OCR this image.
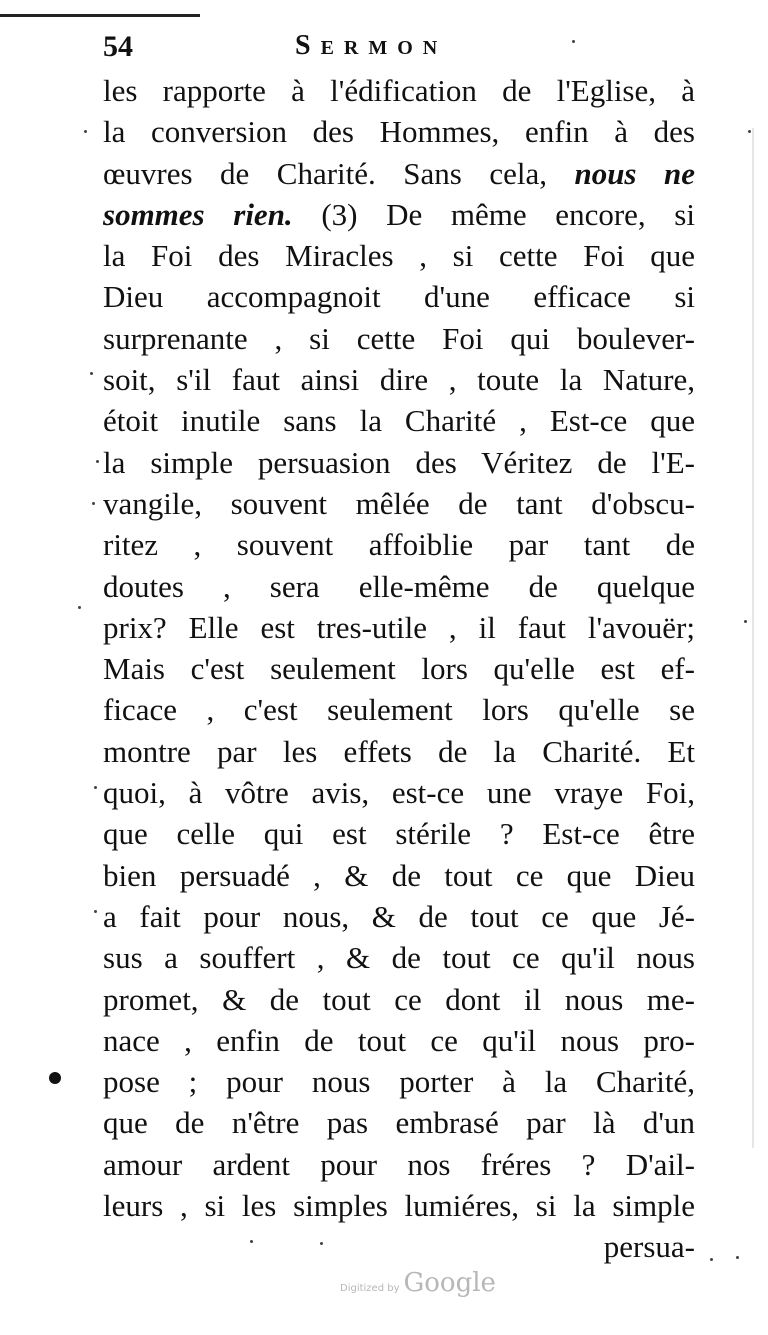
54	Sermon
les rapporte à l'édification de l'Eglise, à
la conversion des Hommes, enfin à des
œuvres de Charité. Sans cela, nous ne
sommes rien. (3) De même encore, si
la Foi des Miracles , si cette Foi que
Dieu accompagnoit d'une efficace si
surprenante , si cette Foi qui boulever-
soit, s'il faut ainsi dire , toute la Nature,
étoit inutile sans la Charité , Est-ce que
la simple persuasion des Véritez de l'E-
vangile, souvent mêlée de tant d'obscu-
ritez , souvent affoiblie par tant de
doutes , sera elle-même de quelque
prix? Elle est tres-utile , il faut l'avouër;
Mais c'est seulement lors qu'elle est ef-
ficace , c'est seulement lors qu'elle se
montre par les effets de la Charité. Et
quoi, à vôtre avis, est-ce une vraye Foi,
que celle qui est stérile ? Est-ce être
bien persuadé , & de tout ce que Dieu
a fait pour nous, & de tout ce que Jé-
sus a souffert , & de tout ce qu'il nous
promet, & de tout ce dont il nous me-
nace , enfin de tout ce qu'il nous pro-
pose ; pour nous porter à la Charité,
que de n'être pas embrasé par là d'un
amour ardent pour nos fréres ? D'ail-
leurs , si les simples lumiéres, si la simple
persua-
Digitized by Google
